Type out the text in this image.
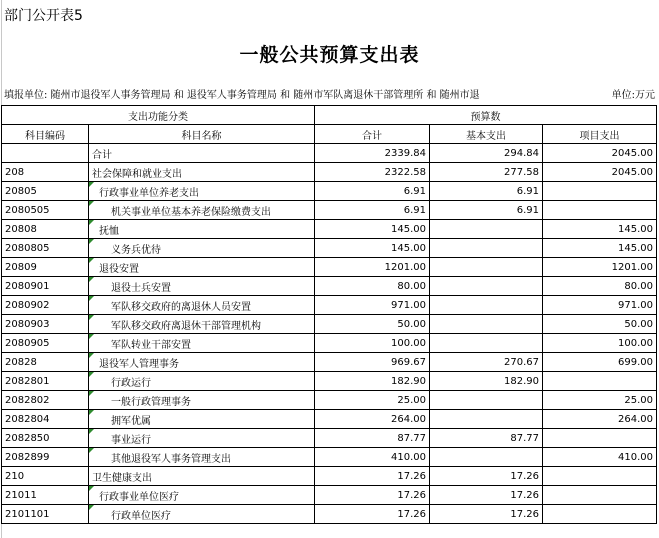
部门公开表5
一般公共预算支出表
填报单位: 随州市退役军人事务管理局 和 退役军人事务管理局 和 随州市军队离退休干部管理所 和 随州市退	单位:万元
支出功能分类		预算数		
科目编码	科目名称	合计	基本支出	项目支出
	合计	2339.84	294.84	2045.00
208	社会保障和就业支出	2322.58	277.58	2045.00
20805	行政事业单位养老支出	6.91	6.91	
2080505	机关事业单位基本养老保险缴费支出	6.91	6.91	
20808	抚恤	145.00		145.00
2080805	义务兵优待	145.00		145.00
20809	退役安置	1201.00		1201.00
2080901	退役士兵安置	80.00		80.00
2080902	军队移交政府的离退休人员安置	971.00		971.00
2080903	军队移交政府离退休干部管理机构	50.00		50.00
2080905	军队转业干部安置	100.00		100.00
20828	退役军人管理事务	969.67	270.67	699.00
2082801	行政运行	182.90	182.90	
2082802	一般行政管理事务	25.00		25.00
2082804	拥军优属	264.00		264.00
2082850	事业运行	87.77	87.77	
2082899	其他退役军人事务管理支出	410.00		410.00
210	卫生健康支出	17.26	17.26	
21011	行政事业单位医疗	17.26	17.26	
2101101	行政单位医疗	17.26	17.26	
